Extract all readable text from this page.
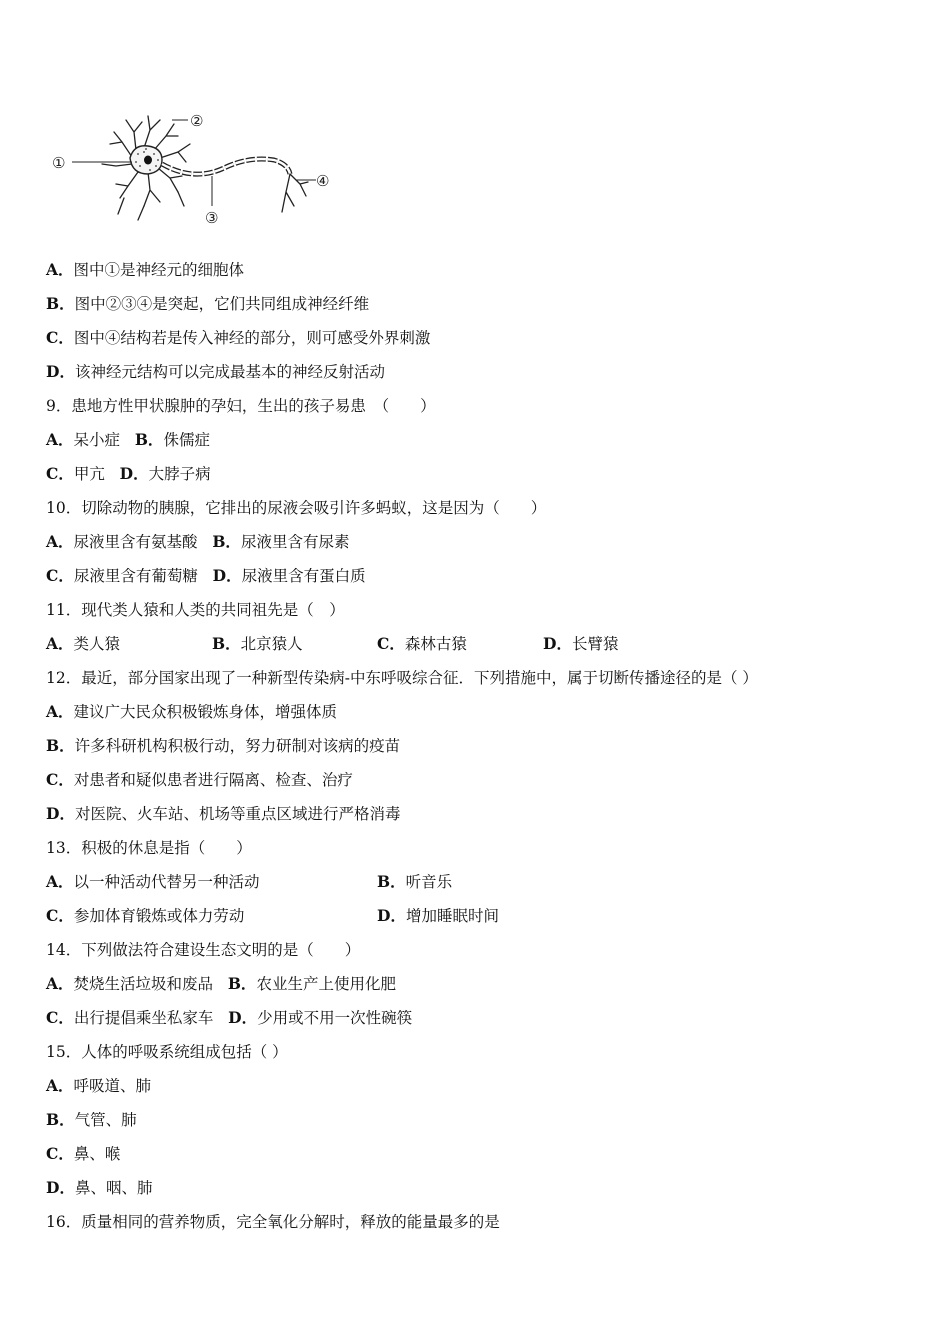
①
②
③
④
A．图中①是神经元的细胞体
B．图中②③④是突起，它们共同组成神经纤维
C．图中④结构若是传入神经的部分，则可感受外界刺激
D．该神经元结构可以完成最基本的神经反射活动
9．患地方性甲状腺肿的孕妇，生出的孩子易患　（　　）
A．呆小症 B．侏儒症
C．甲亢 D．大脖子病
10．切除动物的胰腺，它排出的尿液会吸引许多蚂蚁，这是因为（　　）
A．尿液里含有氨基酸 B．尿液里含有尿素
C．尿液里含有葡萄糖 D．尿液里含有蛋白质
11．现代类人猿和人类的共同祖先是（　）
A．类人猿	B．北京猿人	C．森林古猿	D．长臂猿
12．最近，部分国家出现了一种新型传染病-中东呼吸综合征．下列措施中，属于切断传播途径的是（ ）
A．建议广大民众积极锻炼身体，增强体质
B．许多科研机构积极行动，努力研制对该病的疫苗
C．对患者和疑似患者进行隔离、检查、治疗
D．对医院、火车站、机场等重点区域进行严格消毒
13．积极的休息是指（　　）
A．以一种活动代替另一种活动	B．听音乐
C．参加体育锻炼或体力劳动	D．增加睡眠时间
14．下列做法符合建设生态文明的是（　　）
A．焚烧生活垃圾和废品 B．农业生产上使用化肥
C．出行提倡乘坐私家车 D．少用或不用一次性碗筷
15．人体的呼吸系统组成包括（ ）
A．呼吸道、肺
B．气管、肺
C．鼻、喉
D．鼻、咽、肺
16．质量相同的营养物质，完全氧化分解时，释放的能量最多的是
